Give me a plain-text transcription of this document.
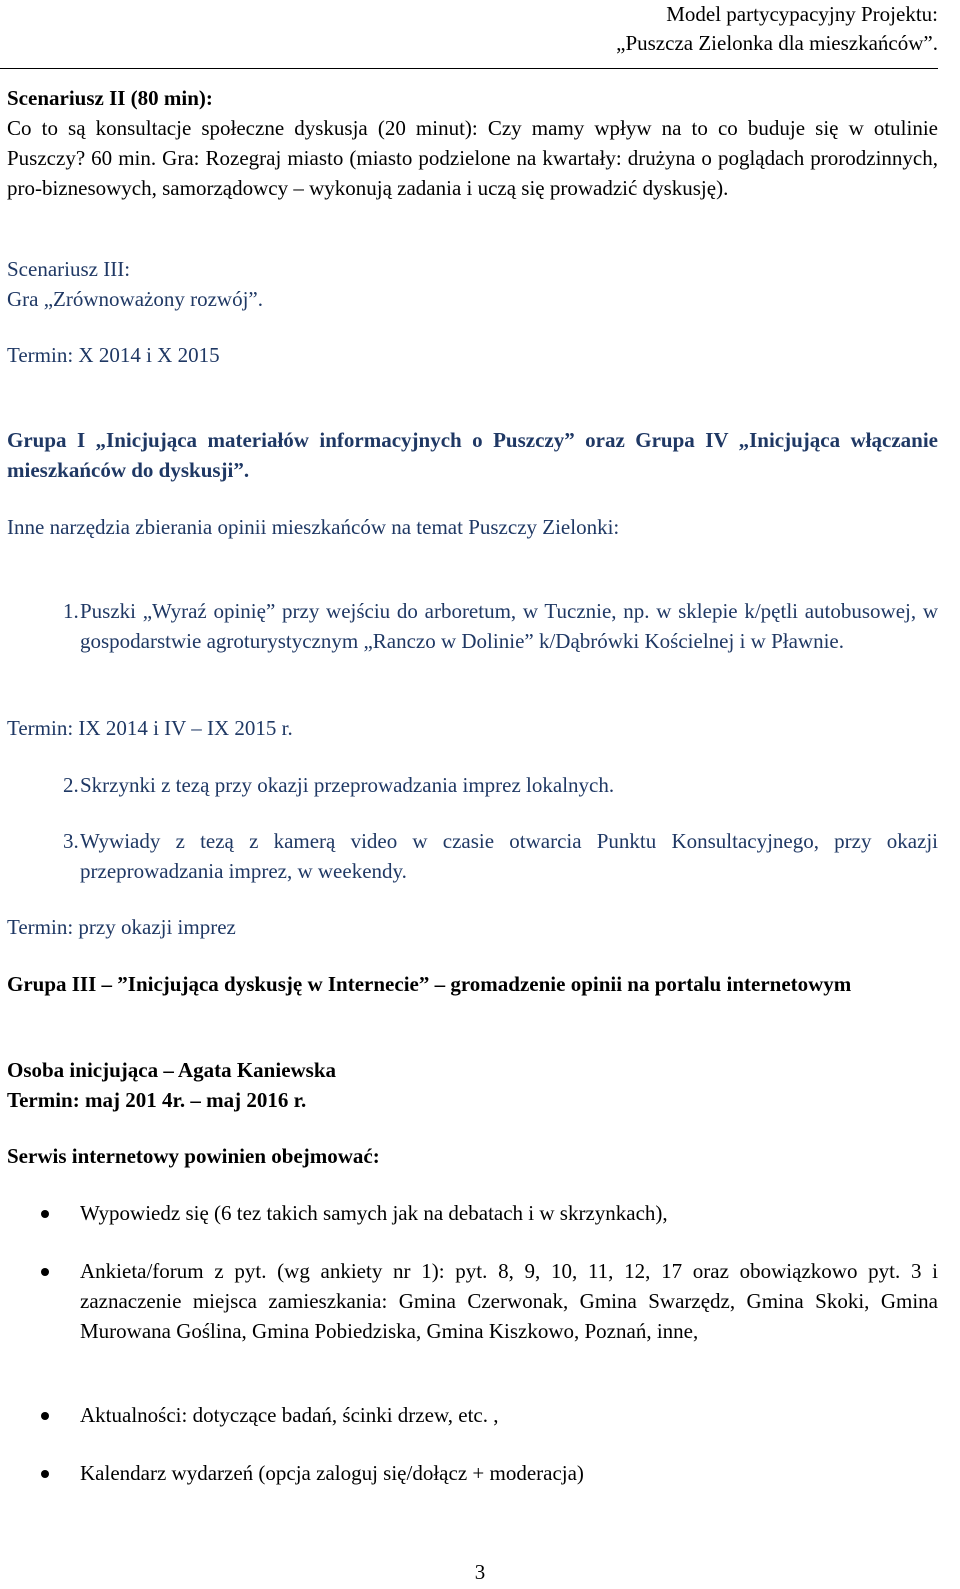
Model partycypacyjny Projektu:
„Puszcza Zielonka dla mieszkańców”.
Scenariusz II (80 min):
Co to są konsultacje społeczne dyskusja (20 minut): Czy mamy wpływ na to co buduje się w otulinie Puszczy? 60 min. Gra: Rozegraj miasto (miasto podzielone na kwartały: drużyna o poglądach prorodzinnych, pro-biznesowych, samorządowcy – wykonują zadania i uczą się prowadzić dyskusję).
Scenariusz III:
Gra „Zrównoważony rozwój”.
Termin: X 2014 i X 2015
Grupa I „Inicjująca materiałów informacyjnych o Puszczy” oraz Grupa IV „Inicjująca włączanie mieszkańców do dyskusji”.
Inne narzędzia zbierania opinii mieszkańców na temat Puszczy Zielonki:
1. Puszki „Wyraź opinię” przy wejściu do arboretum, w Tucznie, np. w sklepie k/pętli autobusowej, w gospodarstwie agroturystycznym „Ranczo w Dolinie” k/Dąbrówki Kościelnej i w Pławnie.
Termin: IX 2014 i IV – IX 2015 r.
2. Skrzynki z tezą przy okazji przeprowadzania imprez lokalnych.
3. Wywiady z tezą z kamerą video w czasie otwarcia Punktu Konsultacyjnego, przy okazji przeprowadzania imprez, w weekendy.
Termin: przy okazji imprez
Grupa III – ”Inicjująca dyskusję w Internecie” – gromadzenie opinii na portalu internetowym
Osoba inicjująca – Agata Kaniewska
Termin: maj 201 4r. – maj 2016 r.
Serwis internetowy powinien obejmować:
Wypowiedz się (6 tez takich samych jak na debatach i w skrzynkach),
Ankieta/forum z pyt. (wg ankiety nr 1): pyt. 8, 9, 10, 11, 12, 17 oraz obowiązkowo pyt. 3 i zaznaczenie miejsca zamieszkania: Gmina Czerwonak, Gmina Swarzędz, Gmina Skoki, Gmina Murowana Goślina, Gmina Pobiedziska, Gmina Kiszkowo, Poznań, inne,
Aktualności: dotyczące badań, ścinki drzew, etc. ,
Kalendarz wydarzeń (opcja zaloguj się/dołącz + moderacja)
3
